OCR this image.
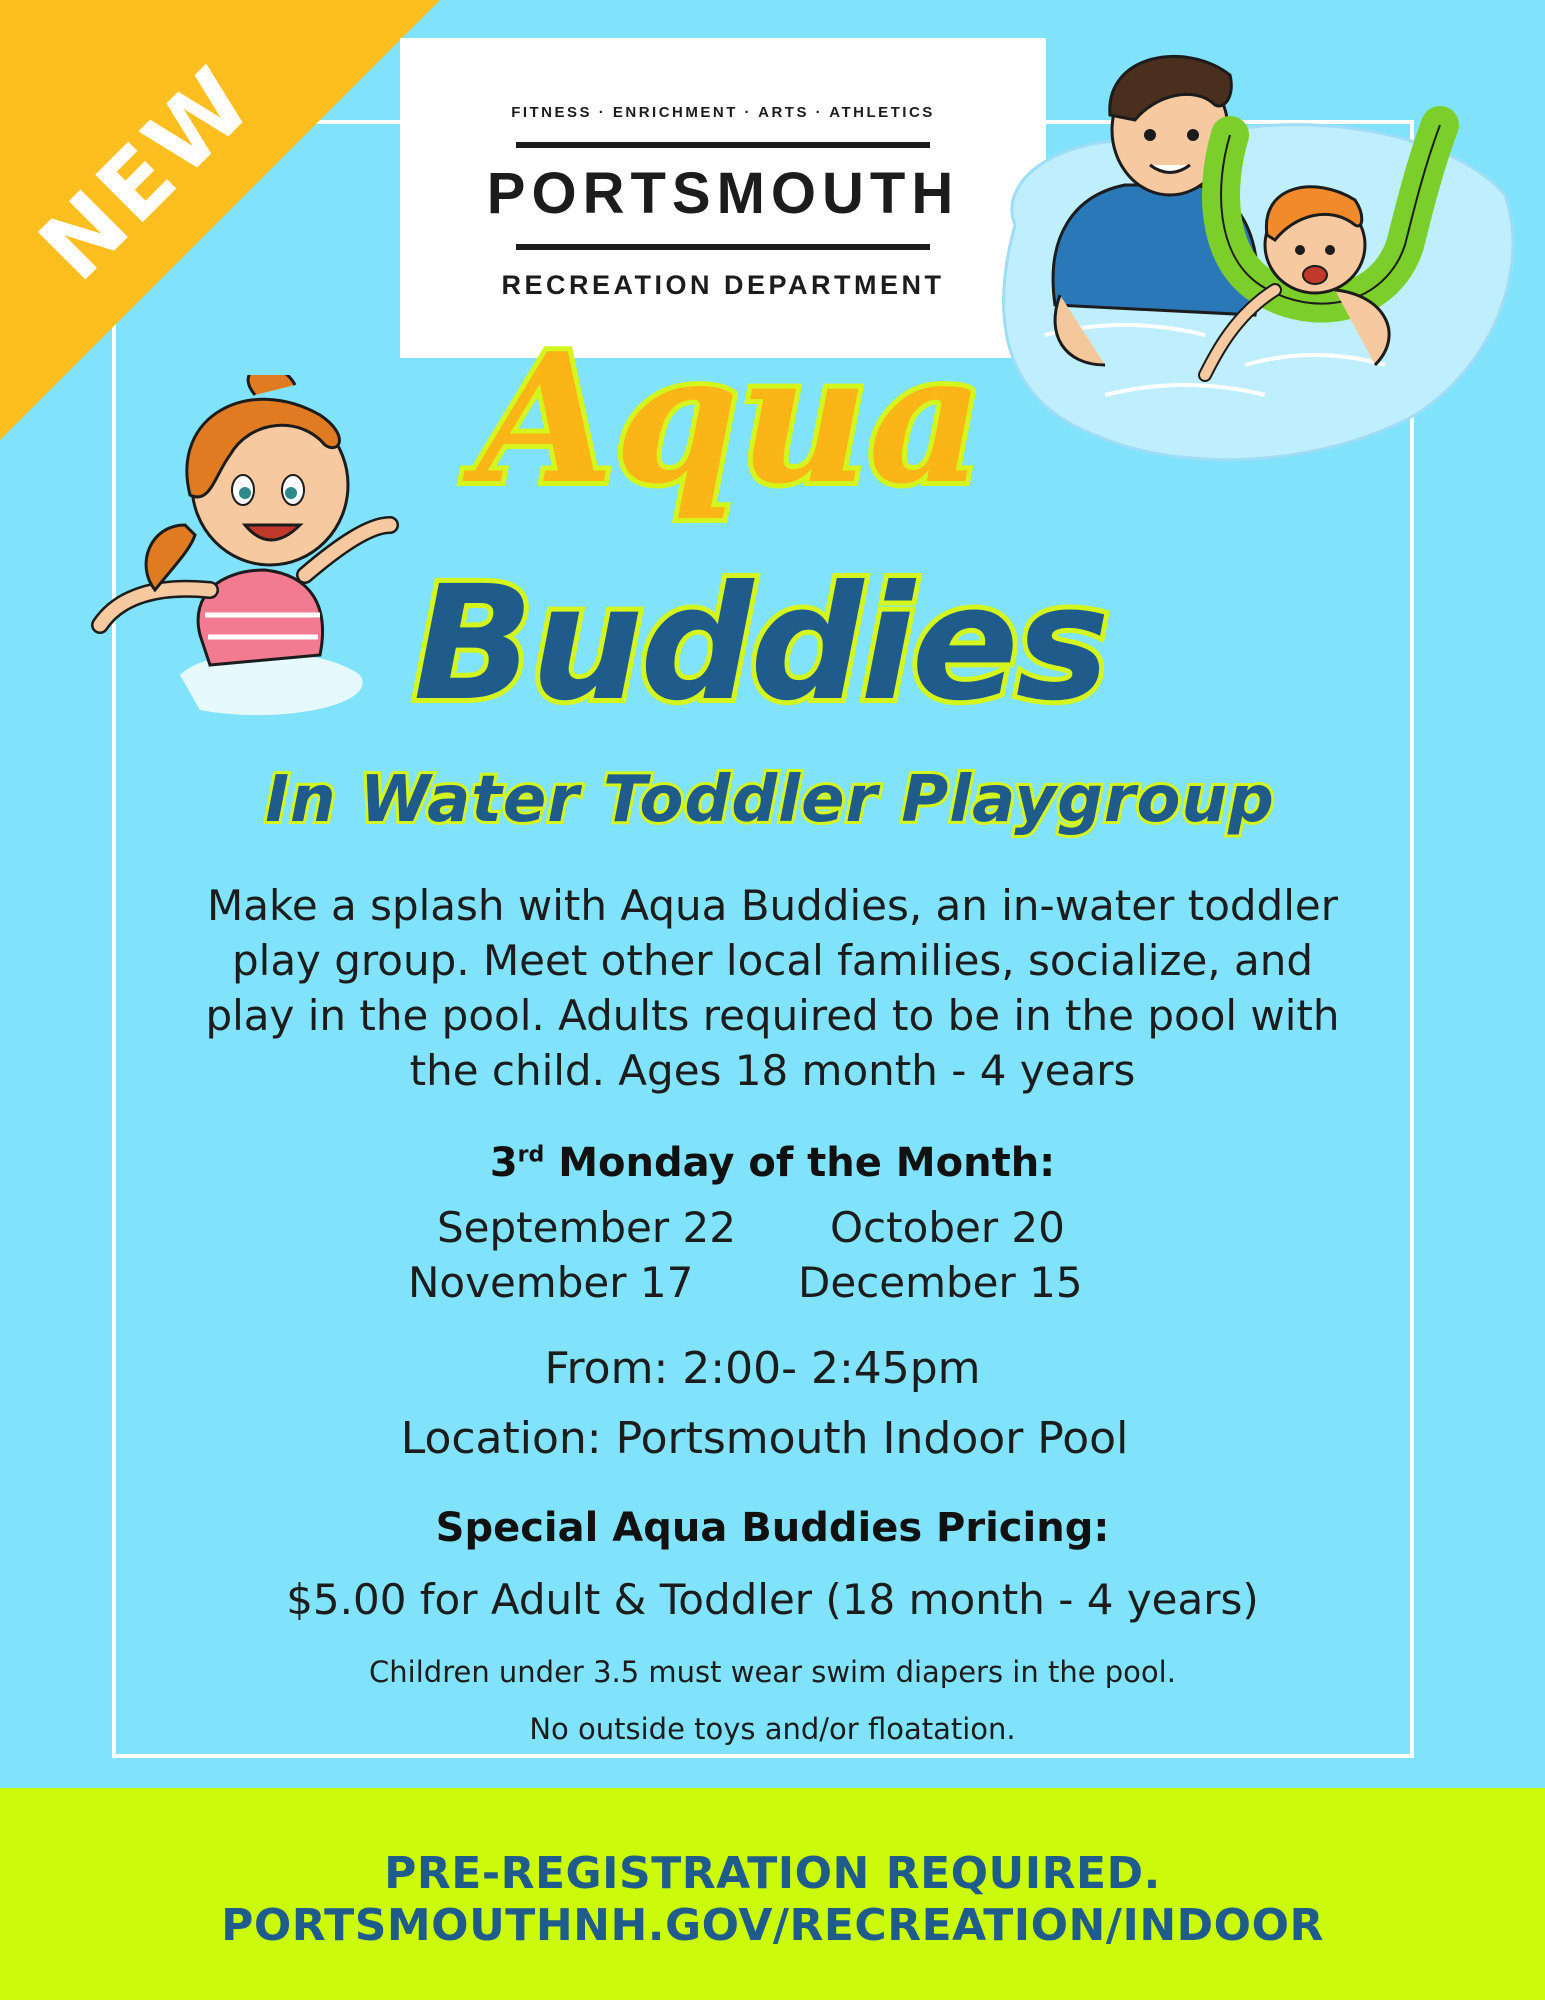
NEW	FITNESS · ENRICHMENT · ARTS · ATHLETICS
PORTSMOUTH
RECREATION DEPARTMENT
Aqua
Buddies
In Water Toddler Playgroup
Make a splash with Aqua Buddies, an in-water toddler
play group. Meet other local families, socialize, and
play in the pool. Adults required to be in the pool with
the child. Ages 18 month - 4 years
3rd Monday of the Month:
September 22 October 20
November 17 December 15
From: 2:00- 2:45pm
Location: Portsmouth Indoor Pool
Special Aqua Buddies Pricing:
$5.00 for Adult & Toddler (18 month - 4 years)
Children under 3.5 must wear swim diapers in the pool.
No outside toys and/or floatation.
PRE-REGISTRATION REQUIRED.
PORTSMOUTHNH.GOV/RECREATION/INDOOR
